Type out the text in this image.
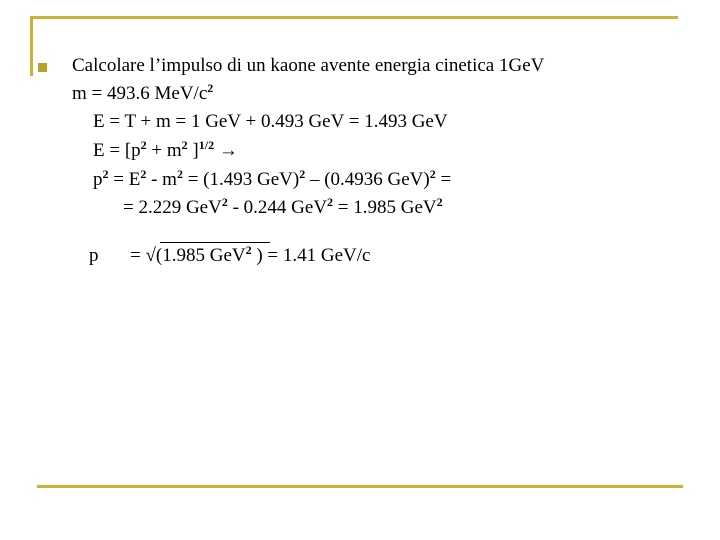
Calcolare l’impulso di un kaone avente energia cinetica 1GeV
m = 493.6 MeV/$c^2$
E = T + m = 1 GeV + 0.493 GeV = 1.493 GeV
$E = [p^2 + m^2$ ]$^{1/2}$ →
$p^2 = E^2 - m^2 = (1.493$ GeV)$^2$ – (0.4936 GeV)$^2$ =
= 2.229 GeV$^2$ - 0.244 GeV$^2$ = 1.985 GeV$^2$
p = √(1.985 GeV$^2$ ) = 1.41 GeV/c
